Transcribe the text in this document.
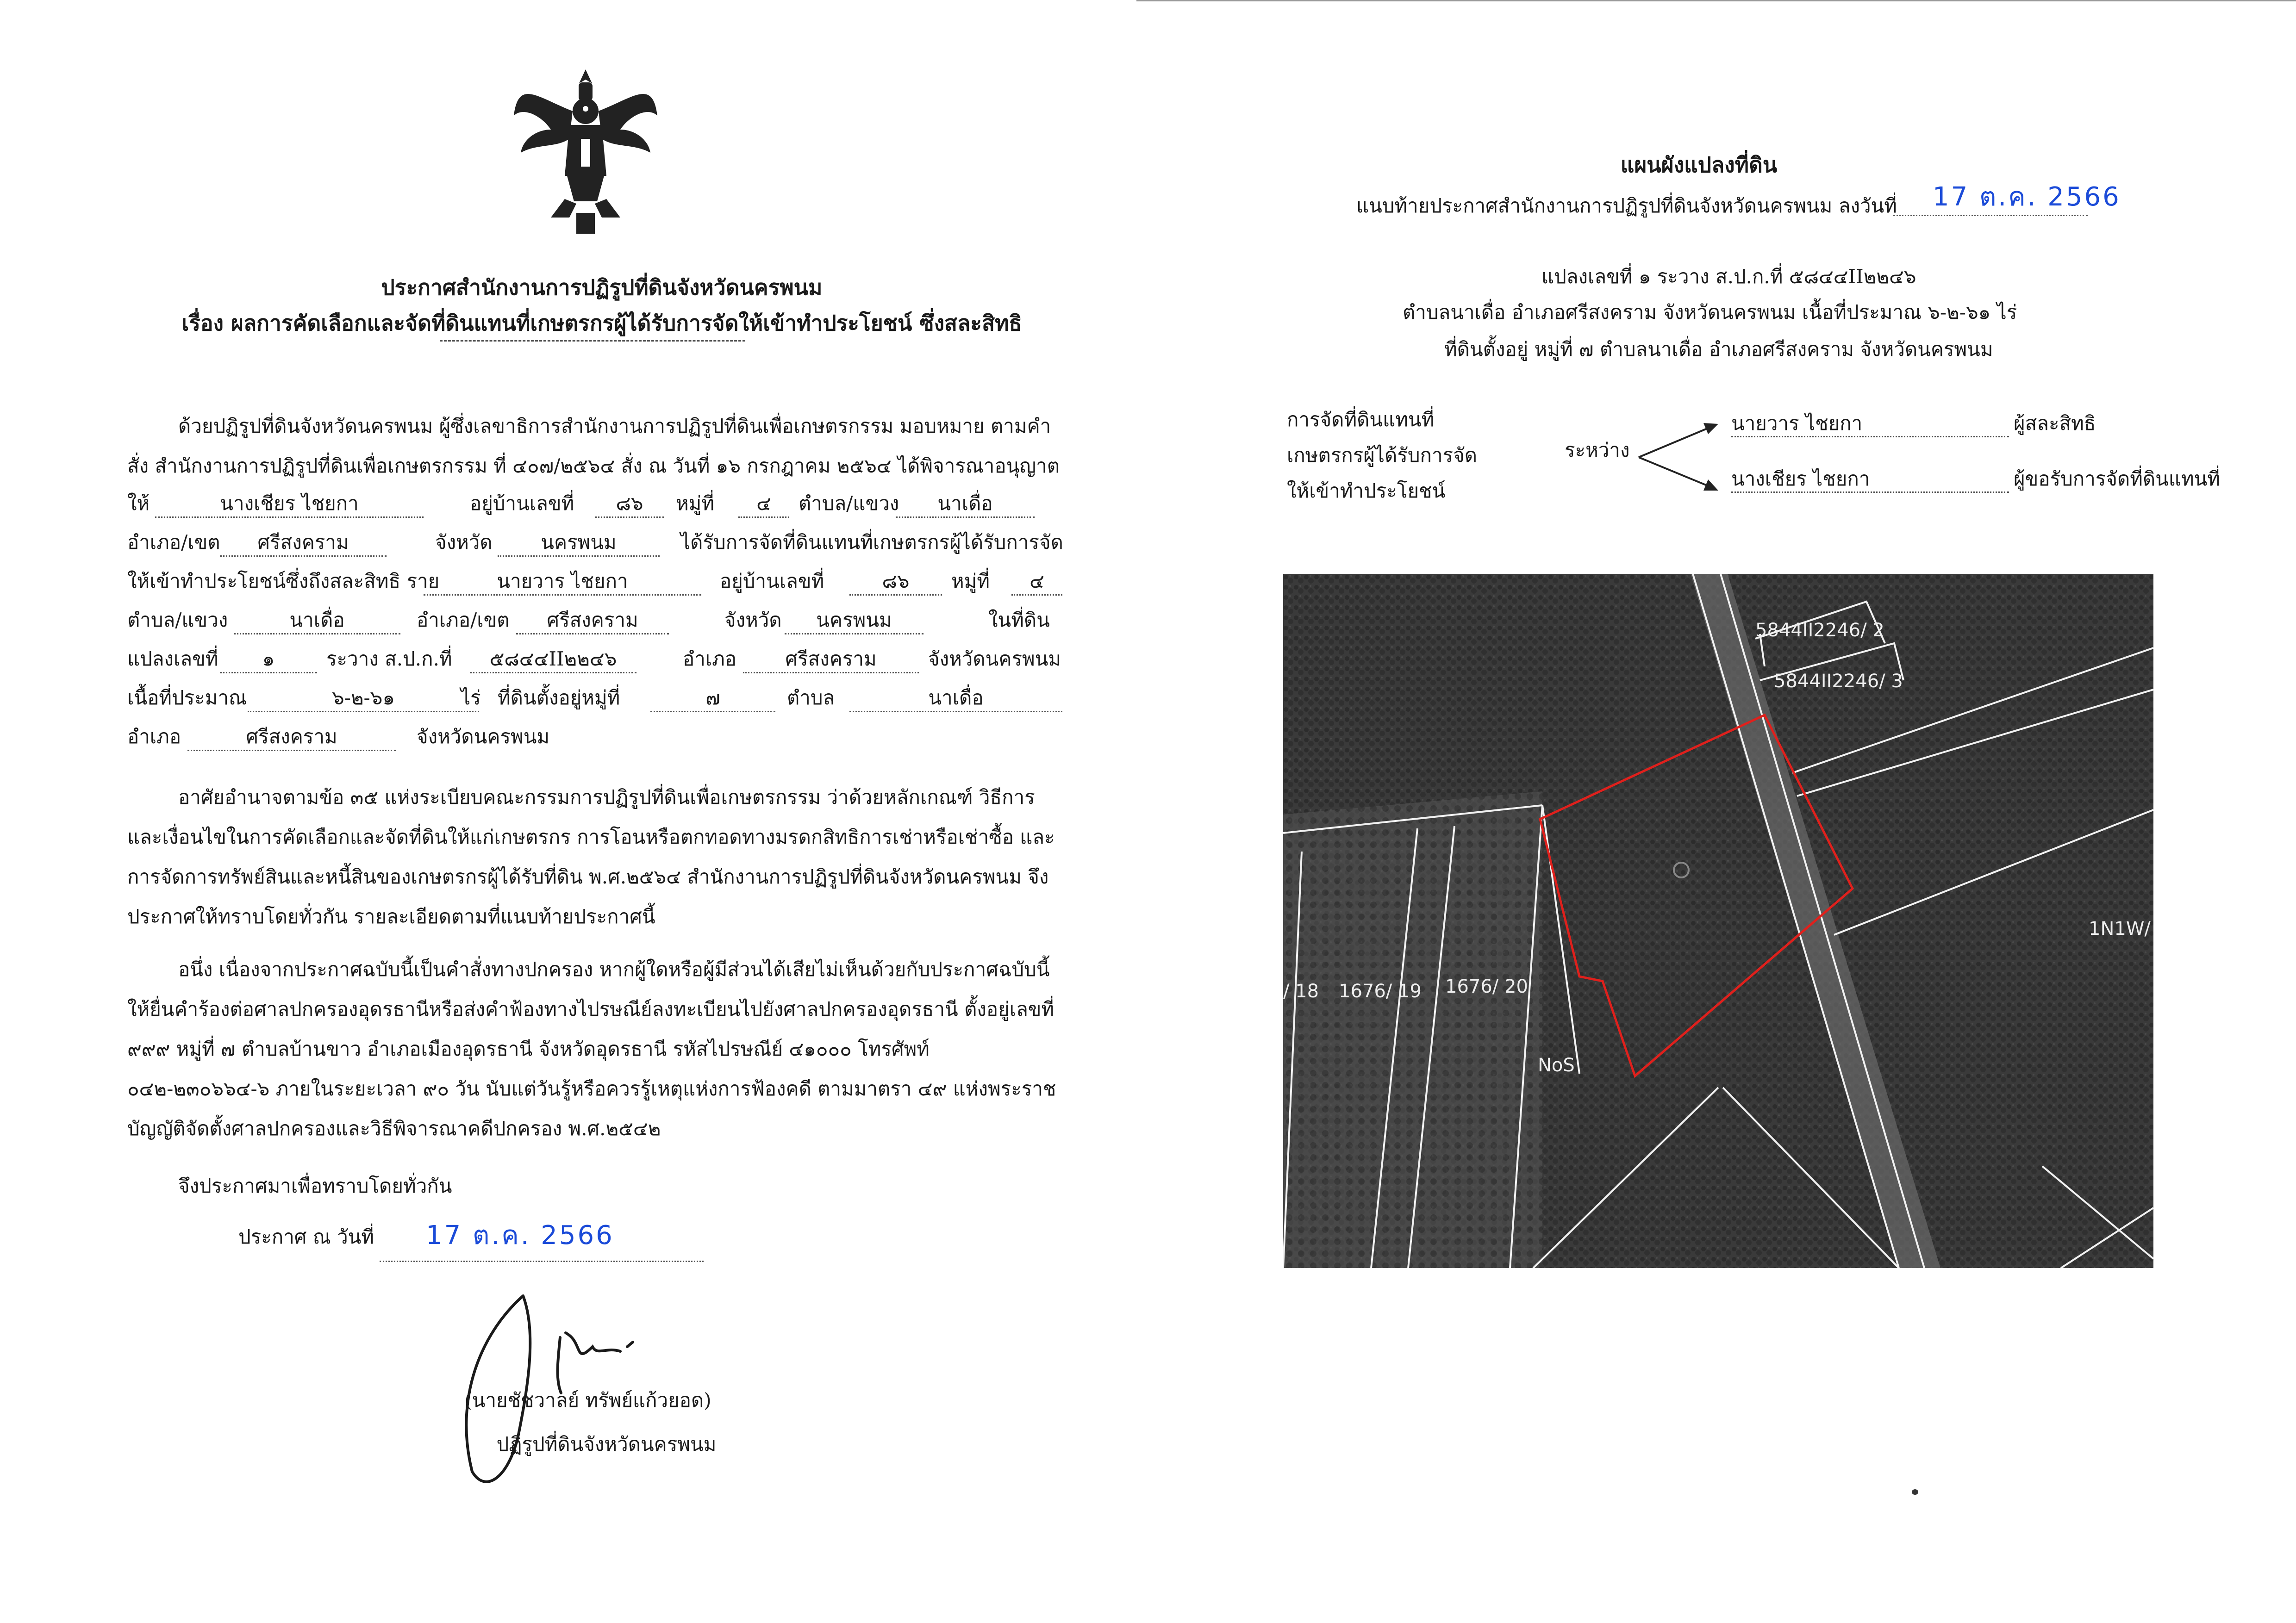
ประกาศสำนักงานการปฏิรูปที่ดินจังหวัดนครพนม
เรื่อง ผลการคัดเลือกและจัดที่ดินแทนที่เกษตรกรผู้ได้รับการจัดให้เข้าทำประโยชน์ ซึ่งสละสิทธิ
ด้วยปฏิรูปที่ดินจังหวัดนครพนม ผู้ซึ่งเลขาธิการสำนักงานการปฏิรูปที่ดินเพื่อเกษตรกรรม มอบหมาย ตามคำสั่ง สำนักงานการปฏิรูปที่ดินเพื่อเกษตรกรรม ที่ ๔๐๗/๒๕๖๔ สั่ง ณ วันที่ ๑๖ กรกฎาคม ๒๕๖๔ ได้พิจารณาอนุญาต
ให้	นางเชียร ไชยกา	อยู่บ้านเลขที่	๘๖	หมู่ที่	๔	ตำบล/แขวง	นาเดื่อ
อำเภอ/เขต	ศรีสงคราม	จังหวัด	นครพนม	ได้รับการจัดที่ดินแทนที่เกษตรกรผู้ได้รับการจัด
ให้เข้าทำประโยชน์ซึ่งถึงสละสิทธิ ราย	นายวาร ไชยกา	อยู่บ้านเลขที่	๘๖	หมู่ที่	๔
ตำบล/แขวง	นาเดื่อ	อำเภอ/เขต	ศรีสงคราม	จังหวัด	นครพนม	ในที่ดิน
แปลงเลขที่	๑	ระวาง ส.ป.ก.ที่	๕๘๔๔II๒๒๔๖	อำเภอ	ศรีสงคราม	จังหวัดนครพนม
เนื้อที่ประมาณ	๖-๒-๖๑	ไร่ ที่ดินตั้งอยู่หมู่ที่	๗	ตำบล	นาเดื่อ
อำเภอ	ศรีสงคราม	จังหวัดนครพนม
อาศัยอำนาจตามข้อ ๓๕ แห่งระเบียบคณะกรรมการปฏิรูปที่ดินเพื่อเกษตรกรรม ว่าด้วยหลักเกณฑ์ วิธีการ และเงื่อนไขในการคัดเลือกและจัดที่ดินให้แก่เกษตรกร การโอนหรือตกทอดทางมรดกสิทธิการเช่าหรือเช่าซื้อ และการจัดการทรัพย์สินและหนี้สินของเกษตรกรผู้ได้รับที่ดิน พ.ศ.๒๕๖๔ สำนักงานการปฏิรูปที่ดินจังหวัดนครพนม จึงประกาศให้ทราบโดยทั่วกัน รายละเอียดตามที่แนบท้ายประกาศนี้
อนึ่ง เนื่องจากประกาศฉบับนี้เป็นคำสั่งทางปกครอง หากผู้ใดหรือผู้มีส่วนได้เสียไม่เห็นด้วยกับประกาศฉบับนี้ให้ยื่นคำร้องต่อศาลปกครองอุดรธานีหรือส่งคำฟ้องทางไปรษณีย์ลงทะเบียนไปยังศาลปกครองอุดรธานี ตั้งอยู่เลขที่ ๙๙๙ หมู่ที่ ๗ ตำบลบ้านขาว อำเภอเมืองอุดรธานี จังหวัดอุดรธานี รหัสไปรษณีย์ ๔๑๐๐๐ โทรศัพท์ ๐๔๒-๒๓๐๖๖๔-๖ ภายในระยะเวลา ๙๐ วัน นับแต่วันรู้หรือควรรู้เหตุแห่งการฟ้องคดี ตามมาตรา ๔๙ แห่งพระราชบัญญัติจัดตั้งศาลปกครองและวิธีพิจารณาคดีปกครอง พ.ศ.๒๕๔๒
จึงประกาศมาเพื่อทราบโดยทั่วกัน
ประกาศ ณ วันที่	17 ต.ค. 2566
(นายชัชวาลย์ ทรัพย์แก้วยอด)
ปฏิรูปที่ดินจังหวัดนครพนม
แผนผังแปลงที่ดิน
แนบท้ายประกาศสำนักงานการปฏิรูปที่ดินจังหวัดนครพนม ลงวันที่ 17 ต.ค. 2566
แปลงเลขที่ ๑ ระวาง ส.ป.ก.ที่ ๕๘๔๔II๒๒๔๖
ตำบลนาเดื่อ อำเภอศรีสงคราม จังหวัดนครพนม เนื้อที่ประมาณ ๖-๒-๖๑ ไร่
ที่ดินตั้งอยู่ หมู่ที่ ๗ ตำบลนาเดื่อ อำเภอศรีสงคราม จังหวัดนครพนม
การจัดที่ดินแทนที่เกษตรกรผู้ได้รับการจัดให้เข้าทำประโยชน์
ระหว่าง
นายวาร ไชยกา	ผู้สละสิทธิ
นางเชียร ไชยกา	ผู้ขอรับการจัดที่ดินแทนที่
5844II2246/ 2
5844II2246/ 3
/ 18 1676/ 19 1676/ 20
NoS
1N1W/
